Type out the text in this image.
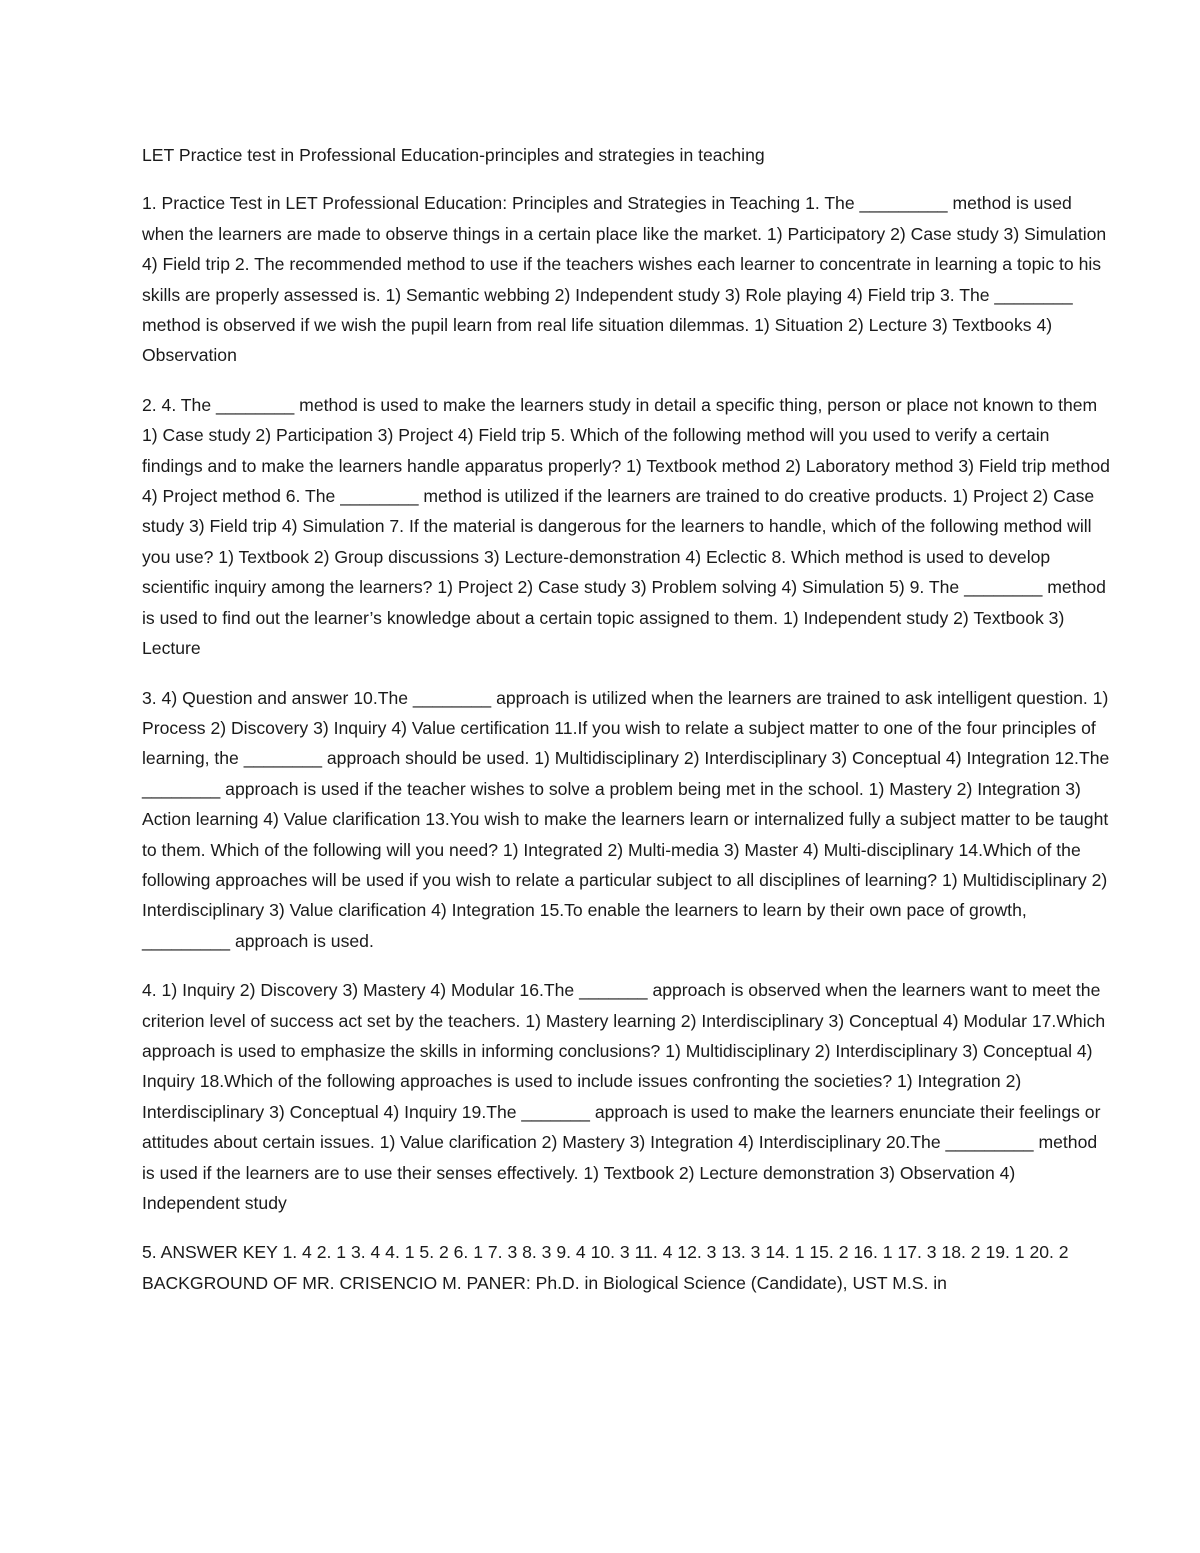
LET Practice test in Professional Education-principles and strategies in teaching

1. Practice Test in LET Professional Education: Principles and Strategies in Teaching 1. The _________ method is used when the learners are made to observe things in a certain place like the market. 1) Participatory 2) Case study 3) Simulation 4) Field trip 2. The recommended method to use if the teachers wishes each learner to concentrate in learning a topic to his skills are properly assessed is. 1) Semantic webbing 2) Independent study 3) Role playing 4) Field trip 3. The ________ method is observed if we wish the pupil learn from real life situation dilemmas. 1) Situation 2) Lecture 3) Textbooks 4) Observation

2. 4. The ________ method is used to make the learners study in detail a specific thing, person or place not known to them 1) Case study 2) Participation 3) Project 4) Field trip 5. Which of the following method will you used to verify a certain findings and to make the learners handle apparatus properly? 1) Textbook method 2) Laboratory method 3) Field trip method 4) Project method 6. The ________ method is utilized if the learners are trained to do creative products. 1) Project 2) Case study 3) Field trip 4) Simulation 7. If the material is dangerous for the learners to handle, which of the following method will you use? 1) Textbook 2) Group discussions 3) Lecture-demonstration 4) Eclectic 8. Which method is used to develop scientific inquiry among the learners? 1) Project 2) Case study 3) Problem solving 4) Simulation 5) 9. The ________ method is used to find out the learner’s knowledge about a certain topic assigned to them. 1) Independent study 2) Textbook 3) Lecture

3. 4) Question and answer 10.The ________ approach is utilized when the learners are trained to ask intelligent question. 1) Process 2) Discovery 3) Inquiry 4) Value certification 11.If you wish to relate a subject matter to one of the four principles of learning, the ________ approach should be used. 1) Multidisciplinary 2) Interdisciplinary 3) Conceptual 4) Integration 12.The ________ approach is used if the teacher wishes to solve a problem being met in the school. 1) Mastery 2) Integration 3) Action learning 4) Value clarification 13.You wish to make the learners learn or internalized fully a subject matter to be taught to them. Which of the following will you need? 1) Integrated 2) Multi-media 3) Master 4) Multi-disciplinary 14.Which of the following approaches will be used if you wish to relate a particular subject to all disciplines of learning? 1) Multidisciplinary 2) Interdisciplinary 3) Value clarification 4) Integration 15.To enable the learners to learn by their own pace of growth, _________ approach is used.

4. 1) Inquiry 2) Discovery 3) Mastery 4) Modular 16.The _______ approach is observed when the learners want to meet the criterion level of success act set by the teachers. 1) Mastery learning 2) Interdisciplinary 3) Conceptual 4) Modular 17.Which approach is used to emphasize the skills in informing conclusions? 1) Multidisciplinary 2) Interdisciplinary 3) Conceptual 4) Inquiry 18.Which of the following approaches is used to include issues confronting the societies? 1) Integration 2) Interdisciplinary 3) Conceptual 4) Inquiry 19.The _______ approach is used to make the learners enunciate their feelings or attitudes about certain issues. 1) Value clarification 2) Mastery 3) Integration 4) Interdisciplinary 20.The _________ method is used if the learners are to use their senses effectively. 1) Textbook 2) Lecture demonstration 3) Observation 4) Independent study

5. ANSWER KEY 1. 4 2. 1 3. 4 4. 1 5. 2 6. 1 7. 3 8. 3 9. 4 10. 3 11. 4 12. 3 13. 3 14. 1 15. 2 16. 1 17. 3 18. 2 19. 1 20. 2 BACKGROUND OF MR. CRISENCIO M. PANER: Ph.D. in Biological Science (Candidate), UST M.S. in
